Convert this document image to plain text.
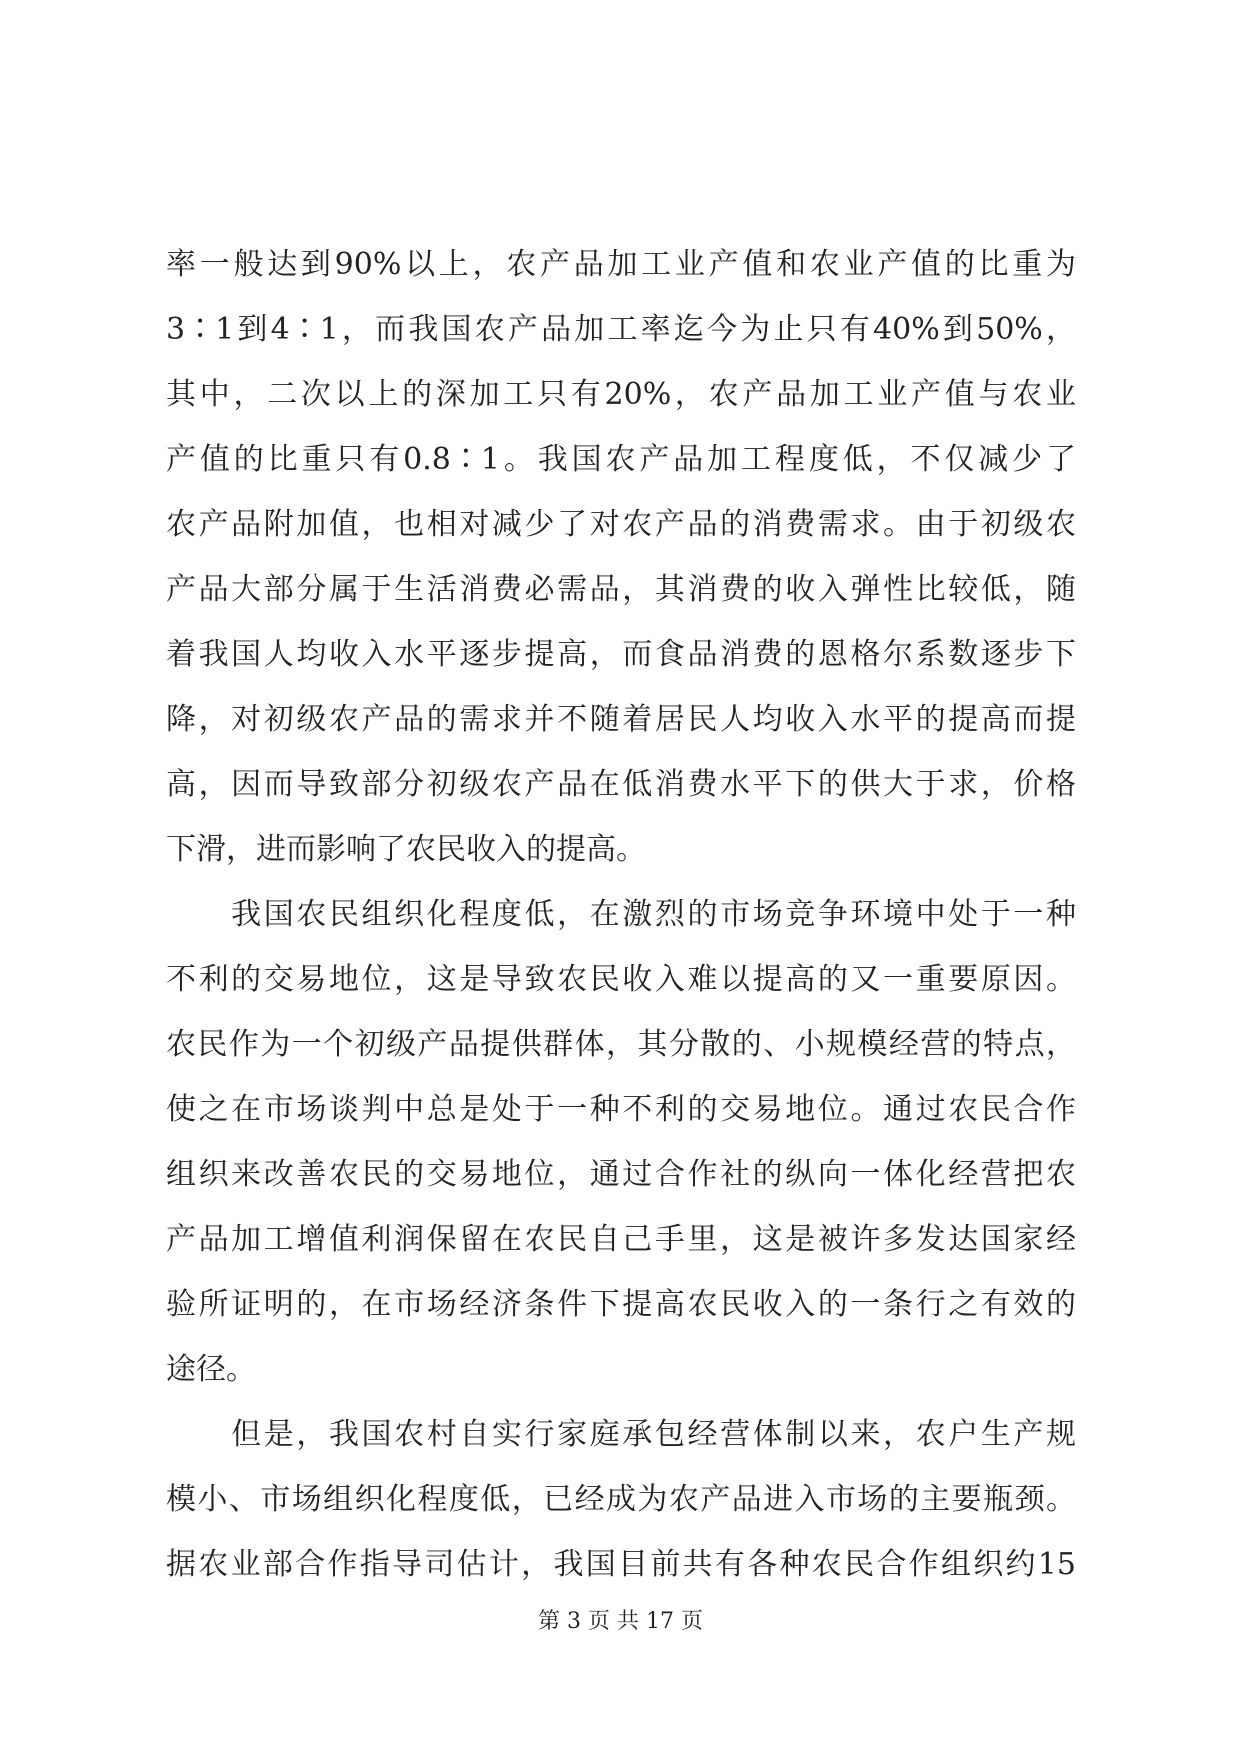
率一般达到90%以上，农产品加工业产值和农业产值的比重为
3∶1到4∶1，而我国农产品加工率迄今为止只有40%到50%，
其中，二次以上的深加工只有20%，农产品加工业产值与农业
产值的比重只有0.8∶1。我国农产品加工程度低，不仅减少了
农产品附加值，也相对减少了对农产品的消费需求。由于初级农
产品大部分属于生活消费必需品，其消费的收入弹性比较低，随
着我国人均收入水平逐步提高，而食品消费的恩格尔系数逐步下
降，对初级农产品的需求并不随着居民人均收入水平的提高而提
高，因而导致部分初级农产品在低消费水平下的供大于求，价格
下滑，进而影响了农民收入的提高。
　　我国农民组织化程度低，在激烈的市场竞争环境中处于一种
不利的交易地位，这是导致农民收入难以提高的又一重要原因。
农民作为一个初级产品提供群体，其分散的、小规模经营的特点，
使之在市场谈判中总是处于一种不利的交易地位。通过农民合作
组织来改善农民的交易地位，通过合作社的纵向一体化经营把农
产品加工增值利润保留在农民自己手里，这是被许多发达国家经
验所证明的，在市场经济条件下提高农民收入的一条行之有效的
途径。
　　但是，我国农村自实行家庭承包经营体制以来，农户生产规
模小、市场组织化程度低，已经成为农产品进入市场的主要瓶颈。
据农业部合作指导司估计，我国目前共有各种农民合作组织约15
第 3 页 共 17 页
